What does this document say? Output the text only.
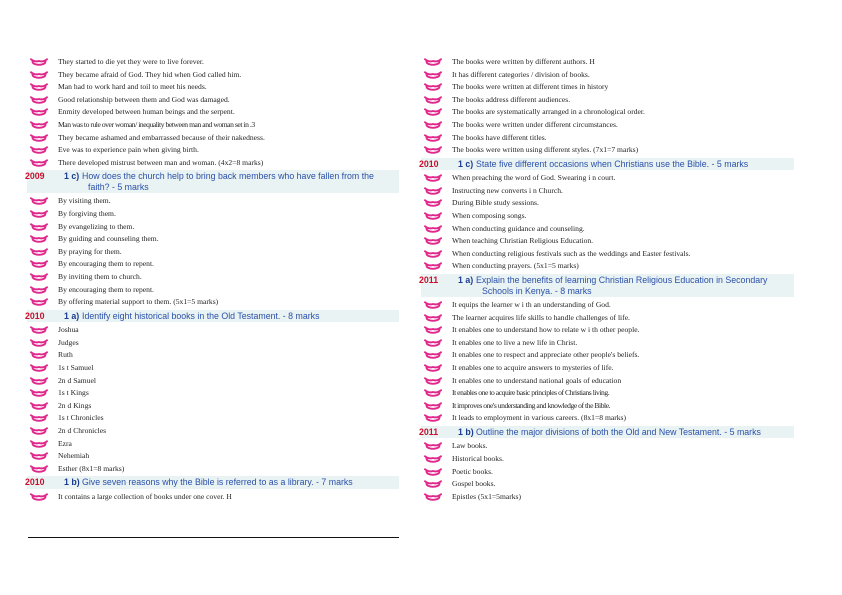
They started to die yet they were to live forever.
They became afraid of God. They hid when God called him.
Man had to work hard and toil to meet his needs.
Good relationship between them and God was damaged.
Enmity developed between human beings and the serpent.
Man was to rule over woman/ inequality between man and woman set in .3
They became ashamed and embarrassed because of their nakedness.
Eve was to experience pain when giving birth.
There developed mistrust between man and woman. (4x2=8 marks)
2009 1 c) How does the church help to bring back members who have fallen from the faith? - 5 marks
By visiting them.
By forgiving them.
By evangelizing to them.
By guiding and counseling them.
By praying for them.
By encouraging them to repent.
By inviting them to church.
By encouraging them to repent.
By offering material support to them. (5x1=5 marks)
2010 1 a) Identify eight historical books in the Old Testament. - 8 marks
Joshua
Judges
Ruth
1s t Samuel
2n d Samuel
1s t Kings
2n d Kings
1s t Chronicles
2n d Chronicles
Ezra
Nehemiah
Esther (8x1=8 marks)
2010 1 b) Give seven reasons why the Bible is referred to as a library. - 7 marks
It contains a large collection of books under one cover. H
The books were written by different authors. H
It has different categories / division of books.
The books were written at different times in history
The books address different audiences.
The books are systematically arranged in a chronological order.
The books were written under different circumstances.
The books have different titles.
The books were written using different styles. (7x1=7 marks)
2010 1 c) State five different occasions when Christians use the Bible. - 5 marks
When preaching the word of God. Swearing i n court.
Instructing new converts i n Church.
During Bible study sessions.
When composing songs.
When conducting guidance and counseling.
When teaching Christian Religious Education.
When conducting religious festivals such as the weddings and Easter festivals.
When conducting prayers. (5x1=5 marks)
2011 1 a) Explain the benefits of learning Christian Religious Education in Secondary Schools in Kenya. - 8 marks
It equips the learner w i th an understanding of God.
The learner acquires life skills to handle challenges of life.
It enables one to understand how to relate w i th other people.
It enables one to live a new life in Christ.
It enables one to respect and appreciate other people's beliefs.
It enables one to acquire answers to mysteries of life.
It enables one to understand national goals of education
It enables one to acquire basic principles of Christians living.
It improves one's understanding and knowledge of the Bible.
It leads to employment in various careers. (8x1=8 marks)
2011 1 b) Outline the major divisions of both the Old and New Testament. - 5 marks
Law books.
Historical books.
Poetic books.
Gospel books.
Epistles (5x1=5marks)
